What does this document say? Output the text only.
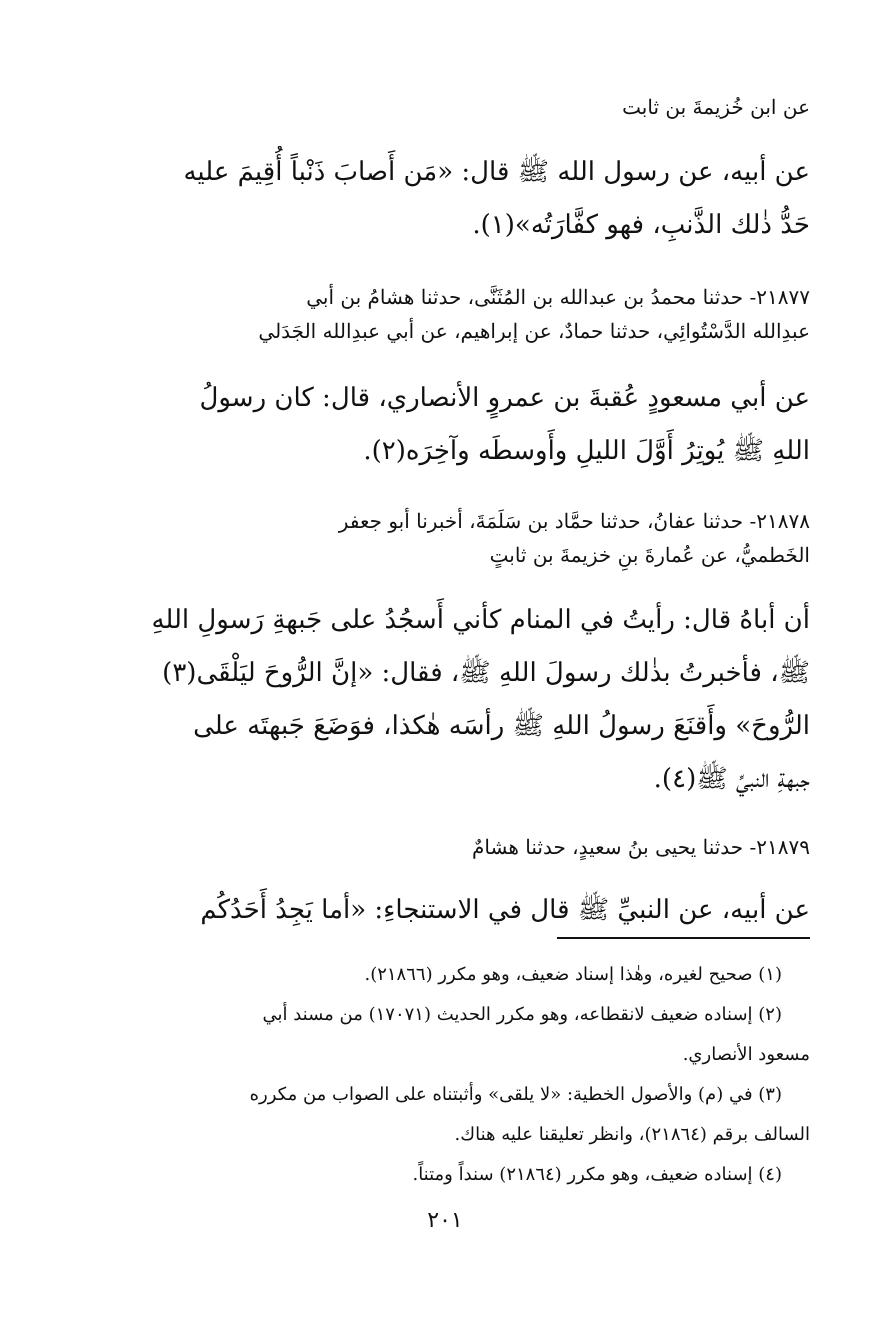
عن ابن خُزيمةَ بن ثابت
عن أبيه، عن رسول الله ﷺ قال: «مَن أَصابَ ذَنْباً أُقِيمَ عليه
حَدُّ ذٰلك الذَّنبِ، فهو كفَّارَتُه»(١).
٢١٨٧٧- حدثنا محمدُ بن عبدالله بن المُثَنَّى، حدثنا هشامُ بن أبي
عبدِالله الدَّسْتُوائِي، حدثنا حمادٌ، عن إبراهيم، عن أبي عبدِالله الجَدَلي
عن أبي مسعودٍ عُقبةَ بن عمروٍ الأنصاري، قال: كان رسولُ
اللهِ ﷺ يُوتِرُ أَوَّلَ الليلِ وأَوسطَه وآخِرَه(٢).
٢١٨٧٨- حدثنا عفانُ، حدثنا حمَّاد بن سَلَمَةَ، أخبرنا أبو جعفر
الخَطميُّ، عن عُمارةَ بنِ خزيمةَ بن ثابتٍ
أن أباهُ قال: رأيتُ في المنام كأني أَسجُدُ على جَبهةِ رَسولِ اللهِ
ﷺ، فأخبرتُ بذٰلك رسولَ اللهِ ﷺ، فقال: «إنَّ الرُّوحَ ليَلْقَى(٣)
الرُّوحَ» وأَقنَعَ رسولُ اللهِ ﷺ رأسَه هٰكذا، فوَضَعَ جَبهتَه على
جبهةِ النبيِّ ﷺ(٤).
٢١٨٧٩- حدثنا يحيى بنُ سعيدٍ، حدثنا هشامٌ
عن أبيه، عن النبيِّ ﷺ قال في الاستنجاءِ: «أما يَجِدُ أَحَدُكُم
(١) صحيح لغيره، وهٰذا إسناد ضعيف، وهو مكرر (٢١٨٦٦).
(٢) إسناده ضعيف لانقطاعه، وهو مكرر الحديث (١٧٠٧١) من مسند أبي
مسعود الأنصاري.
(٣) في (م) والأصول الخطية: «لا يلقى» وأثبتناه على الصواب من مكرره
السالف برقم (٢١٨٦٤)، وانظر تعليقنا عليه هناك.
(٤) إسناده ضعيف، وهو مكرر (٢١٨٦٤) سنداً ومتناً.
٢٠١
